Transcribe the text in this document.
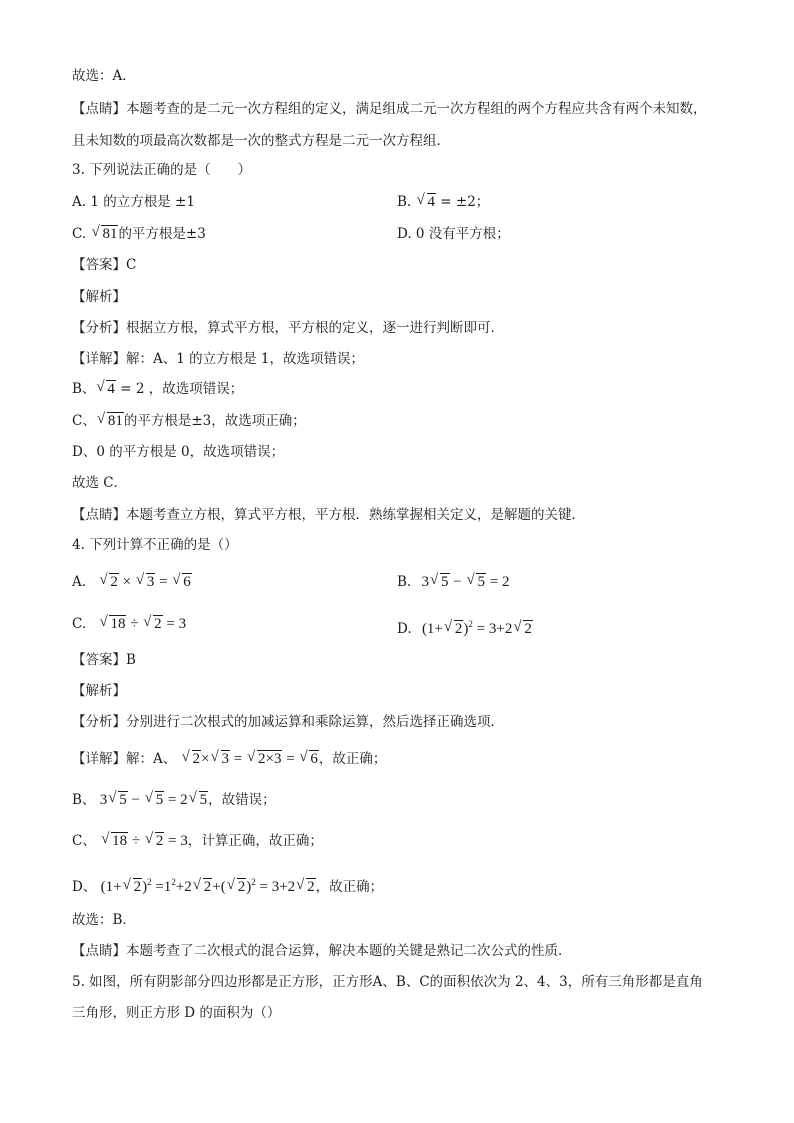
故选：A．
【点睛】本题考查的是二元一次方程组的定义，满足组成二元一次方程组的两个方程应共含有两个未知数，
且未知数的项最高次数都是一次的整式方程是二元一次方程组．
3. 下列说法正确的是（　　）
A. 1 的立方根是 ±1	B. √ 4 = ±2；
C. √ 81的平方根是±3	D. 0 没有平方根；
【答案】C
【解析】
【分析】根据立方根，算式平方根，平方根的定义，逐一进行判断即可．
【详解】解：A、1 的立方根是 1，故选项错误；
B、√ 4 = 2 ，故选项错误；
C、√ 81的平方根是±3，故选项正确；
D、0 的平方根是 0，故选项错误；
故选 C．
【点睛】本题考查立方根，算式平方根，平方根．熟练掌握相关定义，是解题的关键．
4. 下列计算不正确的是（）
A. √ 2 × √ 3 = √ 6	B. 3√ 5 − √ 5 = 2
C. √ 18 ÷ √ 2 = 3	D. (1+√ 2)$^2$ = 3+2√ 2
【答案】B
【解析】
【分析】分别进行二次根式的加减运算和乘除运算，然后选择正确选项．
【详解】解：A、 √ 2×√ 3 = √ 2×3 = √ 6，故正确；
B、 3√ 5 − √ 5 = 2√ 5，故错误；
C、 √ 18 ÷ √ 2 = 3，计算正确，故正确；
D、 (1+√ $2)^2 =1^2+2√$ 2+(√ 2)$^2$ = 3+2√ 2，故正确；
故选：B．
【点睛】本题考查了二次根式的混合运算，解决本题的关键是熟记二次公式的性质．
5. 如图，所有阴影部分四边形都是正方形，正方形A、B、C的面积依次为 2、4、3，所有三角形都是直角
三角形，则正方形 D 的面积为（）
